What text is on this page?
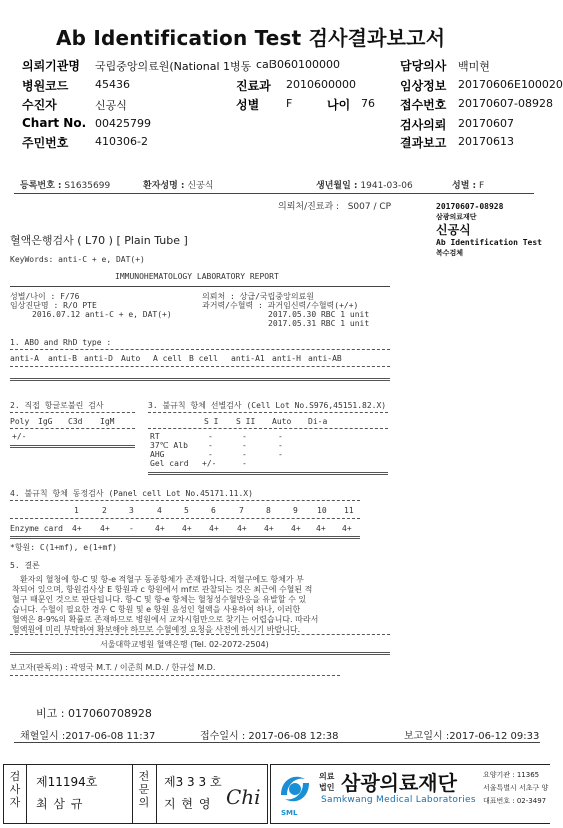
Ab Identification Test 검사결과보고서
의뢰기관명 국립중앙의료원(National 1병동 cal
3060100000
병원코드 45436
수진자	신공식
Chart No. 00425799
주민번호 410306-2
진료과 2010600000
성별 F	나이 76
담당의사 백미현
임상정보 20170606E100020
접수번호 20170607-08928
검사의뢰 20170607
결과보고 20170613
등록번호 : S1635699	환자성명 : 신공식	생년월일 : 1941-03-06	성별 : F
의뢰처/진료과 : S007 / CP	20170607-08928
삼광의료재단
신공식
Ab Identification Test
복수검체
혈액은행검사 ( L70 ) [ Plain Tube ]
KeyWords: anti-C + e, DAT(+)
IMMUNOHEMATOLOGY LABORATORY REPORT
성별/나이 : F/76
임상진단명 : R/O PTE
2016.07.12 anti-C + e, DAT(+)
의뢰처 : 상급/국립중앙의료원
과거력/수혈력 : 과거임신력/수혈력(+/+)
2017.05.30 RBC 1 unit
2017.05.31 RBC 1 unit
1. ABO and RhD type :
anti-A anti-B anti-D Auto A cell B cell anti-A1 anti-H anti-AB
2. 직접 항글로불린 검사
Poly IgG C3d IgM
+/-
3. 불규칙 항체 선별검사 (Cell Lot No.S976,45151.82.X)
S I S II Auto Di-a
RT	-	-	-
37℃ Alb	-	-	-
AHG	-	-	-
Gel card +/-	-
4. 불규칙 항체 동정검사 (Panel cell Lot No.45171.11.X)
1	2	3	4	5	6	7	8	9 10 11
Enzyme card 4+ 4+ -	4+ 4+ 4+ 4+ 4+ 4+ 4+ 4+
*항원: C(1+mf), e(1+mf)
5. 결론
환자의 혈청에 항-C 및 항-e 적혈구 동종항체가 존재합니다. 적혈구에도 항체가 부
착되어 있으며, 항원검사상 E 항원과 c 항원에서 mf로 관찰되는 것은 최근에 수혈된 적
혈구 때문인 것으로 판단됩니다. 항-C 및 항-e 항체는 혈청성수혈반응을 유발할 수 있
습니다. 수혈이 필요한 경우 C 항원 및 e 항원 음성인 혈액을 사용하여 하나, 이러한
혈액은 8-9%의 확률로 존재하므로 병원에서 교차시험만으로 찾기는 어렵습니다. 따라서
혈액원에 미리 부탁하여 확보해야 하므로 수혈예정 요청을 사전에 하시기 바랍니다.
서울대학교병원 혈액은행 (Tel. 02-2072-2504)
보고자(판독의) : 곽영국 M.T. / 이준희 M.D. / 한규섭 M.D.
비고 : 017060708928
채혈일시 :2017-06-08 11:37	접수일시 : 2017-06-08 12:38	보고일시 :2017-06-12 09:33
검사자
제11194호
최 삼 규
전문의
제3 3 3 호
지 현 영 Chi
SML
의료
법인 삼광의료재단
Samkwang Medical Laboratories
요양기관 : 11365
서울특별시 서초구 양
대표번호 : 02-3497
